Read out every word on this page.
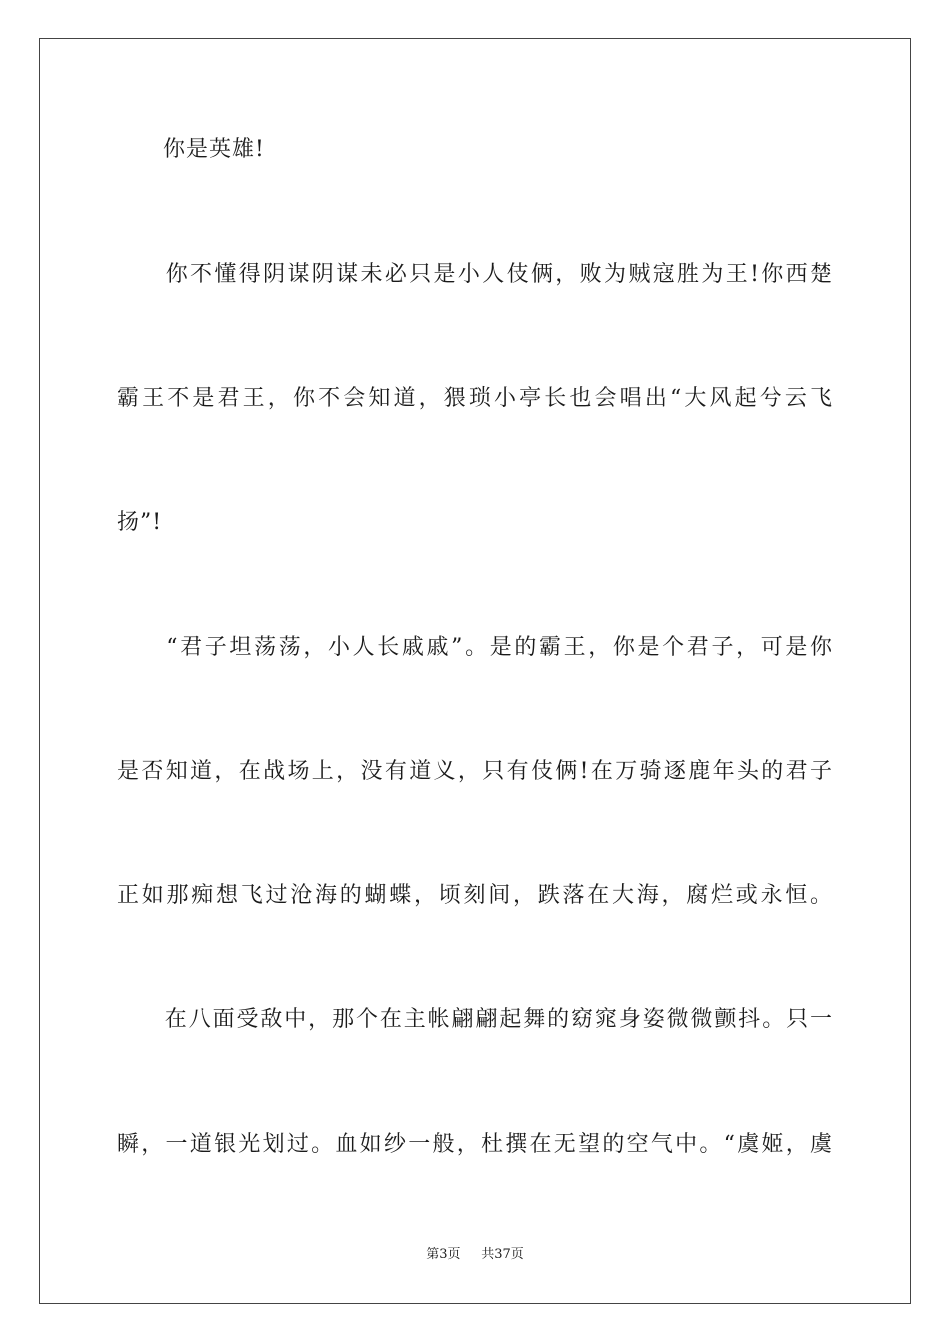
　　你是英雄!
　　你不懂得阴谋阴谋未必只是小人伎俩，败为贼寇胜为王!你西楚
霸王不是君王，你不会知道，猥琐小亭长也会唱出“大风起兮云飞
扬”!
　　“君子坦荡荡，小人长戚戚”。是的霸王，你是个君子，可是你
是否知道，在战场上，没有道义，只有伎俩!在万骑逐鹿年头的君子
正如那痴想飞过沧海的蝴蝶，顷刻间，跌落在大海，腐烂或永恒。
　　在八面受敌中，那个在主帐翩翩起舞的窈窕身姿微微颤抖。只一
瞬，一道银光划过。血如纱一般，杜撰在无望的空气中。“虞姬，虞
第3页 共37页
